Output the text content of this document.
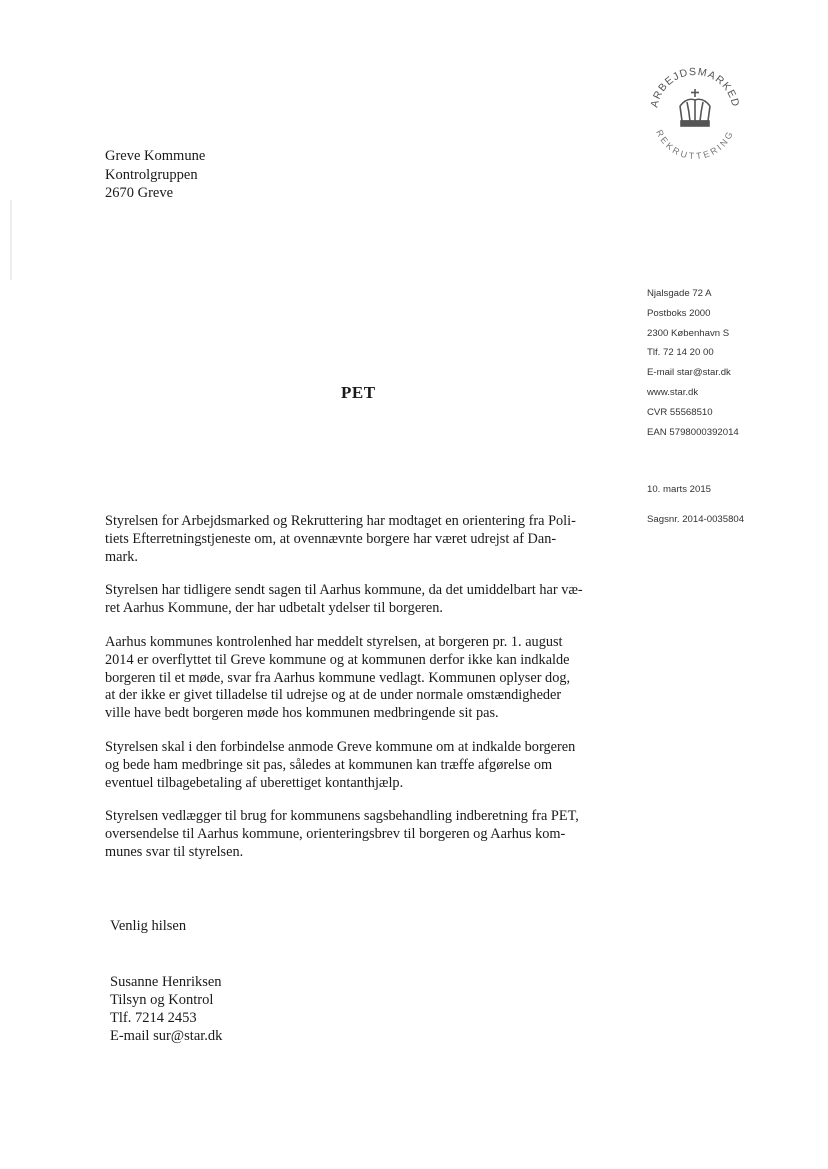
ARBEJDSMARKED
REKRUTTERING
Greve Kommune
Kontrolgruppen
2670 Greve
Njalsgade 72 A
Postboks 2000
2300 København S
Tlf. 72 14 20 00
E-mail star@star.dk
www.star.dk
CVR 55568510
EAN 5798000392014
10. marts 2015
Sagsnr. 2014-0035804
PET
Styrelsen for Arbejdsmarked og Rekruttering har modtaget en orientering fra Poli-
tiets Efterretningstjeneste om, at ovennævnte borgere har været udrejst af Dan-
mark.
Styrelsen har tidligere sendt sagen til Aarhus kommune, da det umiddelbart har væ-
ret Aarhus Kommune, der har udbetalt ydelser til borgeren.
Aarhus kommunes kontrolenhed har meddelt styrelsen, at borgeren pr. 1. august
2014 er overflyttet til Greve kommune og at kommunen derfor ikke kan indkalde
borgeren til et møde, svar fra Aarhus kommune vedlagt. Kommunen oplyser dog,
at der ikke er givet tilladelse til udrejse og at de under normale omstændigheder
ville have bedt borgeren møde hos kommunen medbringende sit pas.
Styrelsen skal i den forbindelse anmode Greve kommune om at indkalde borgeren
og bede ham medbringe sit pas, således at kommunen kan træffe afgørelse om
eventuel tilbagebetaling af uberettiget kontanthjælp.
Styrelsen vedlægger til brug for kommunens sagsbehandling indberetning fra PET,
oversendelse til Aarhus kommune, orienteringsbrev til borgeren og Aarhus kom-
munes svar til styrelsen.
Venlig hilsen
Susanne Henriksen
Tilsyn og Kontrol
Tlf. 7214 2453
E-mail sur@star.dk
